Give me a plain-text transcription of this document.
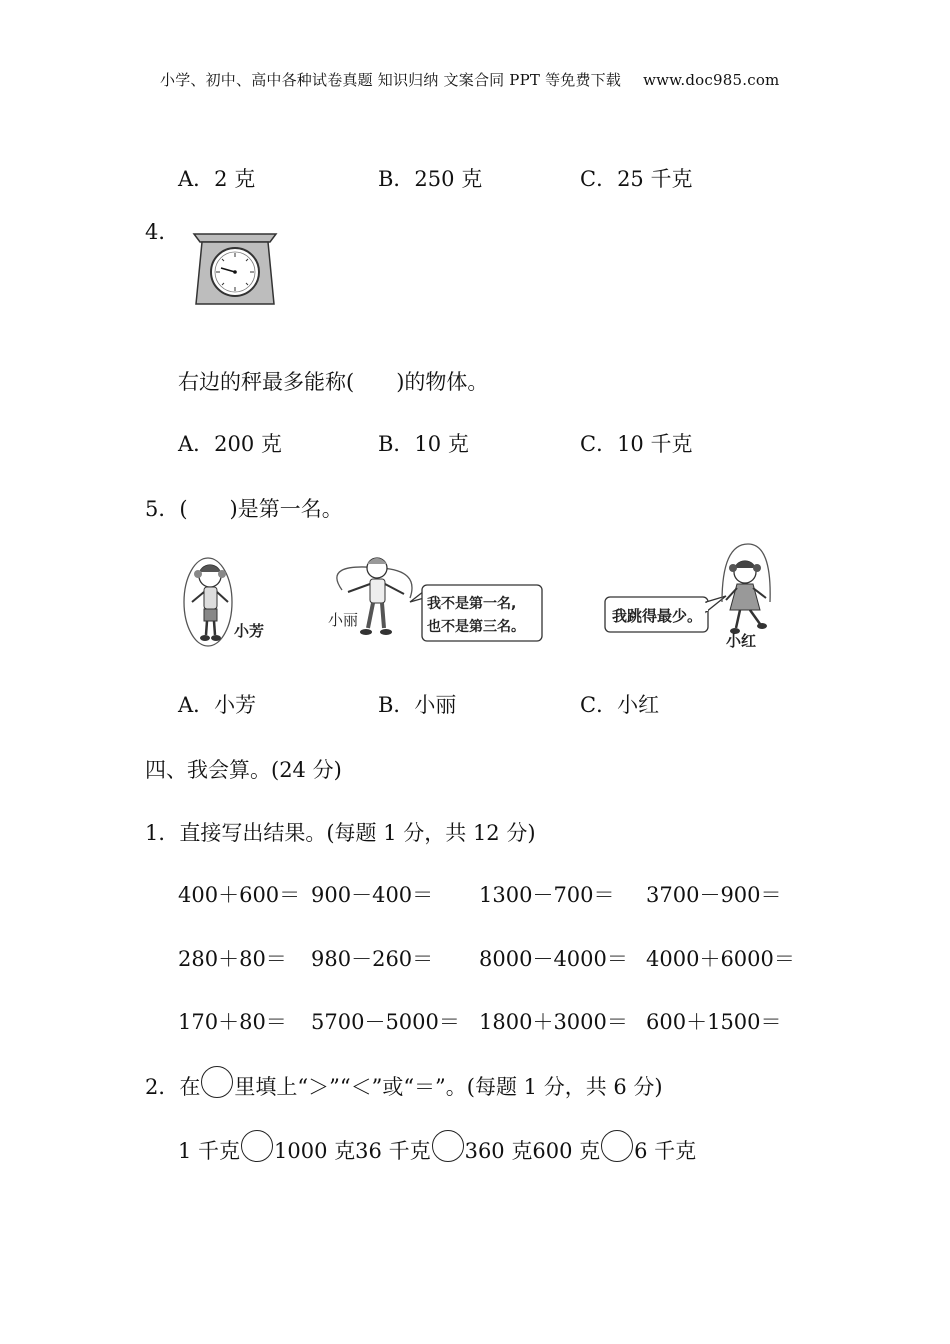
小学、初中、高中各种试卷真题 知识归纳 文案合同 PPT 等免费下载 www.doc985.com
A．2 克	B．250 克	C．25 千克
4．
右边的秤最多能称(　　)的物体。
A．200 克	B．10 克	C．10 千克
5．(　　)是第一名。
小芳
小丽
我不是第一名,
也不是第三名。
我跳得最少。
小红
A．小芳	B．小丽	C．小红
四、我会算。(24 分)
1．直接写出结果。(每题 1 分，共 12 分)
400＋600＝ 900－400＝ 1300－700＝ 3700－900＝
280＋80＝ 980－260＝ 8000－4000＝ 4000＋6000＝
170＋80＝ 5700－5000＝ 1800＋3000＝ 600＋1500＝
2．在 里填上“＞”“＜”或“＝”。(每题 1 分，共 6 分)
1 千克 1000 克36 千克 360 克600 克 6 千克
